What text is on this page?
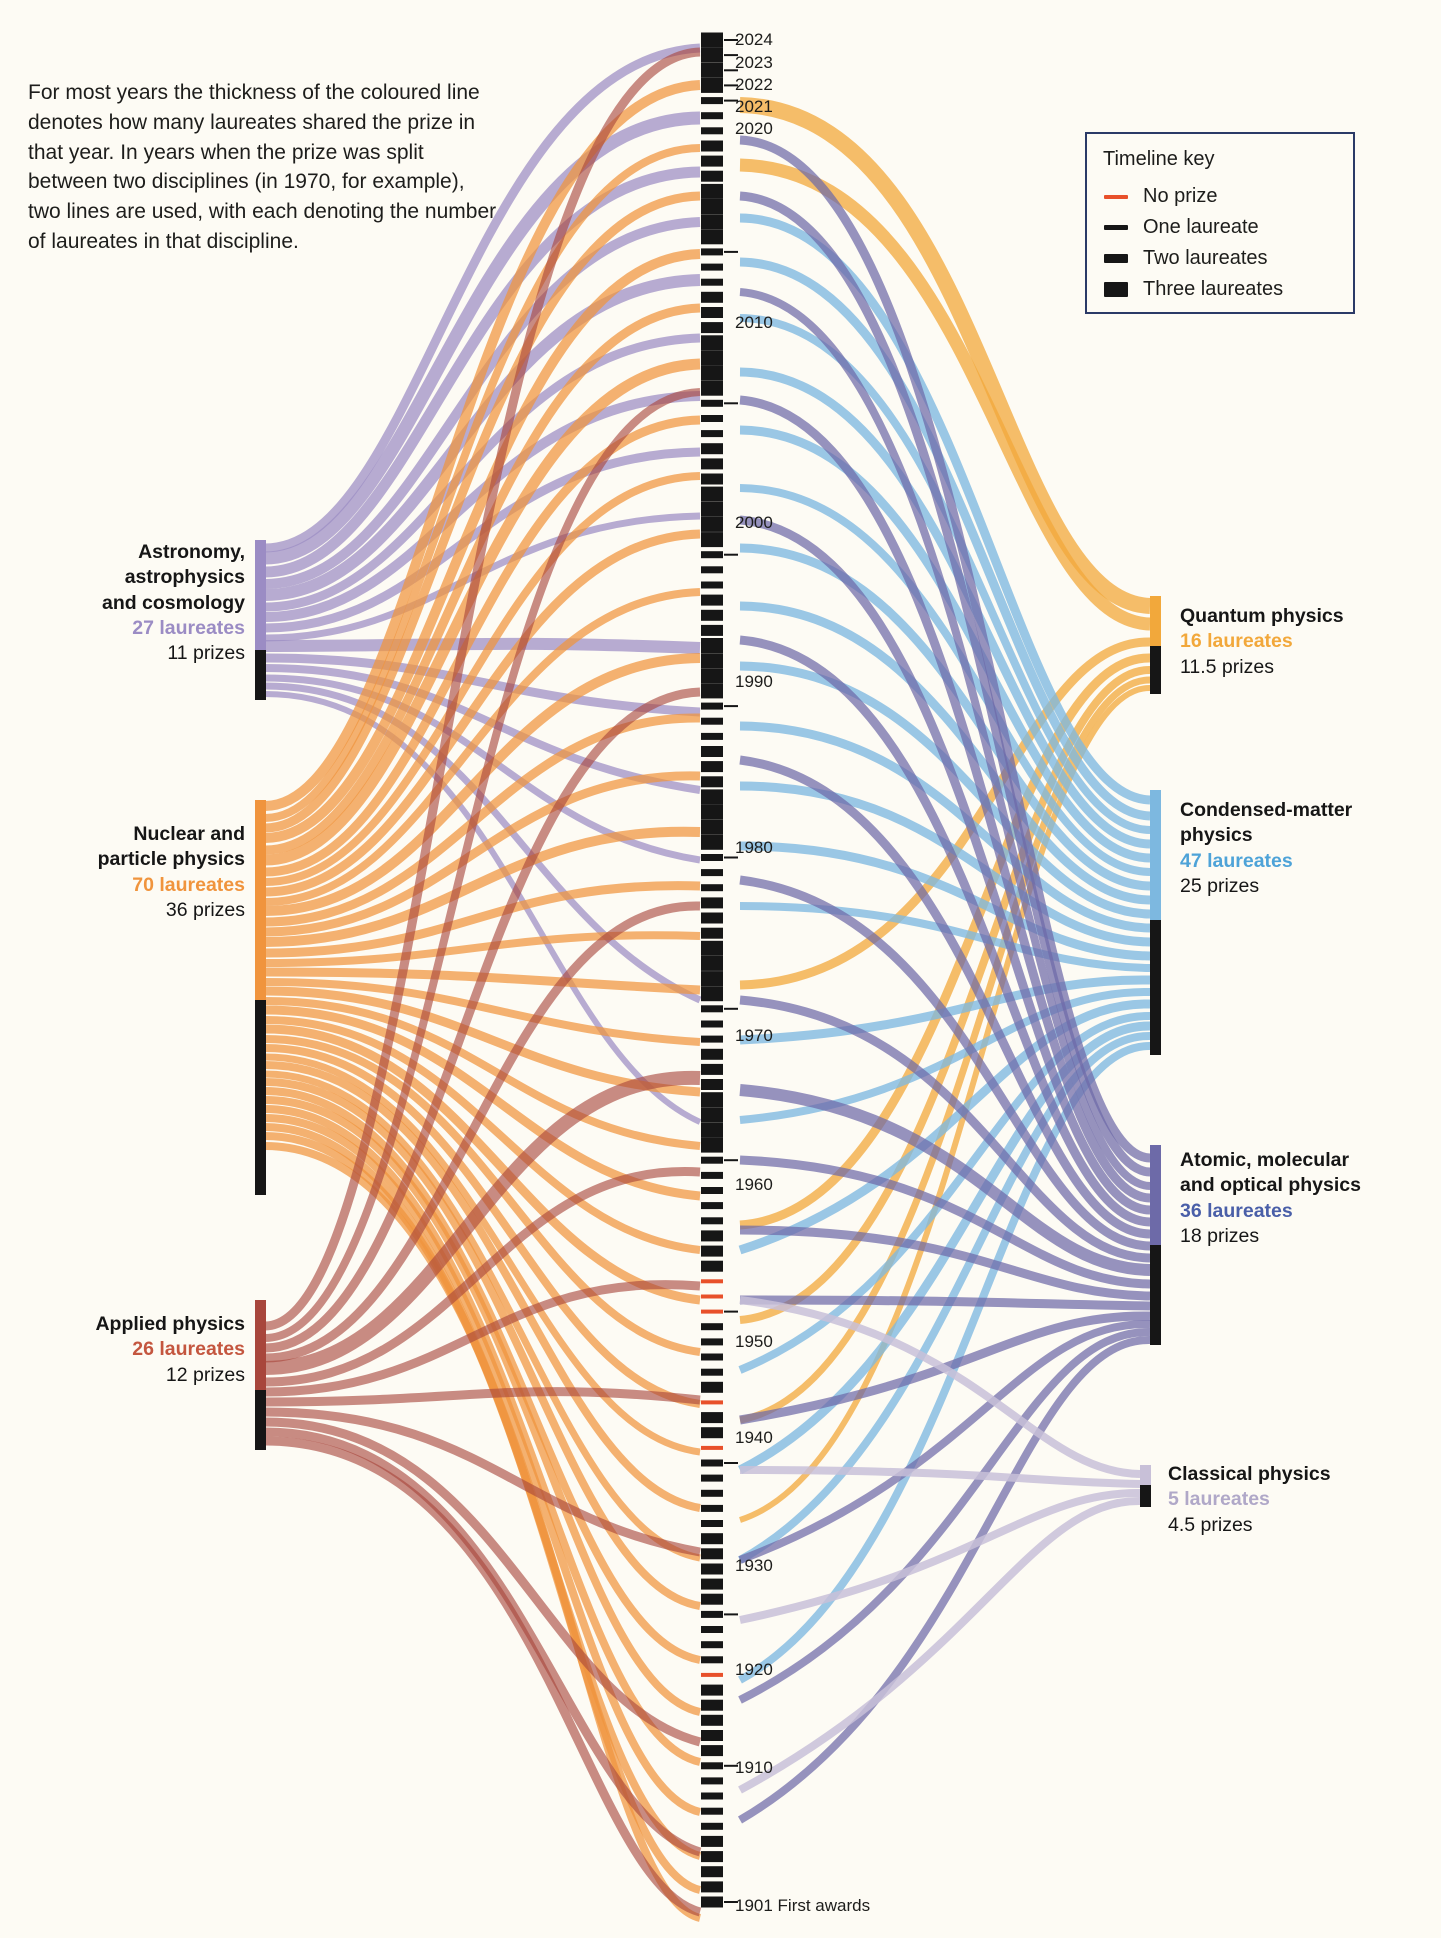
For most years the thickness of the coloured line denotes how many laureates shared the prize in that year. In years when the prize was split between two disciplines (in 1970, for example), two lines are used, with each denoting the number of laureates in that discipline.
Timeline key
No prize
One laureate
Two laureates
Three laureates
Astronomy,
astrophysics
and cosmology
27 laureates
11 prizes
Nuclear and
particle physics
70 laureates
36 prizes
Applied physics
26 laureates
12 prizes
Quantum physics
16 laureates
11.5 prizes
Condensed-matter
physics
47 laureates
25 prizes
Atomic, molecular
and optical physics
36 laureates
18 prizes
Classical physics
5 laureates
4.5 prizes
2024
2023
2022
2021
2020
2010
2000
1990
1980
1970
1960
1950
1940
1930
1920
1910
1901 First awards
